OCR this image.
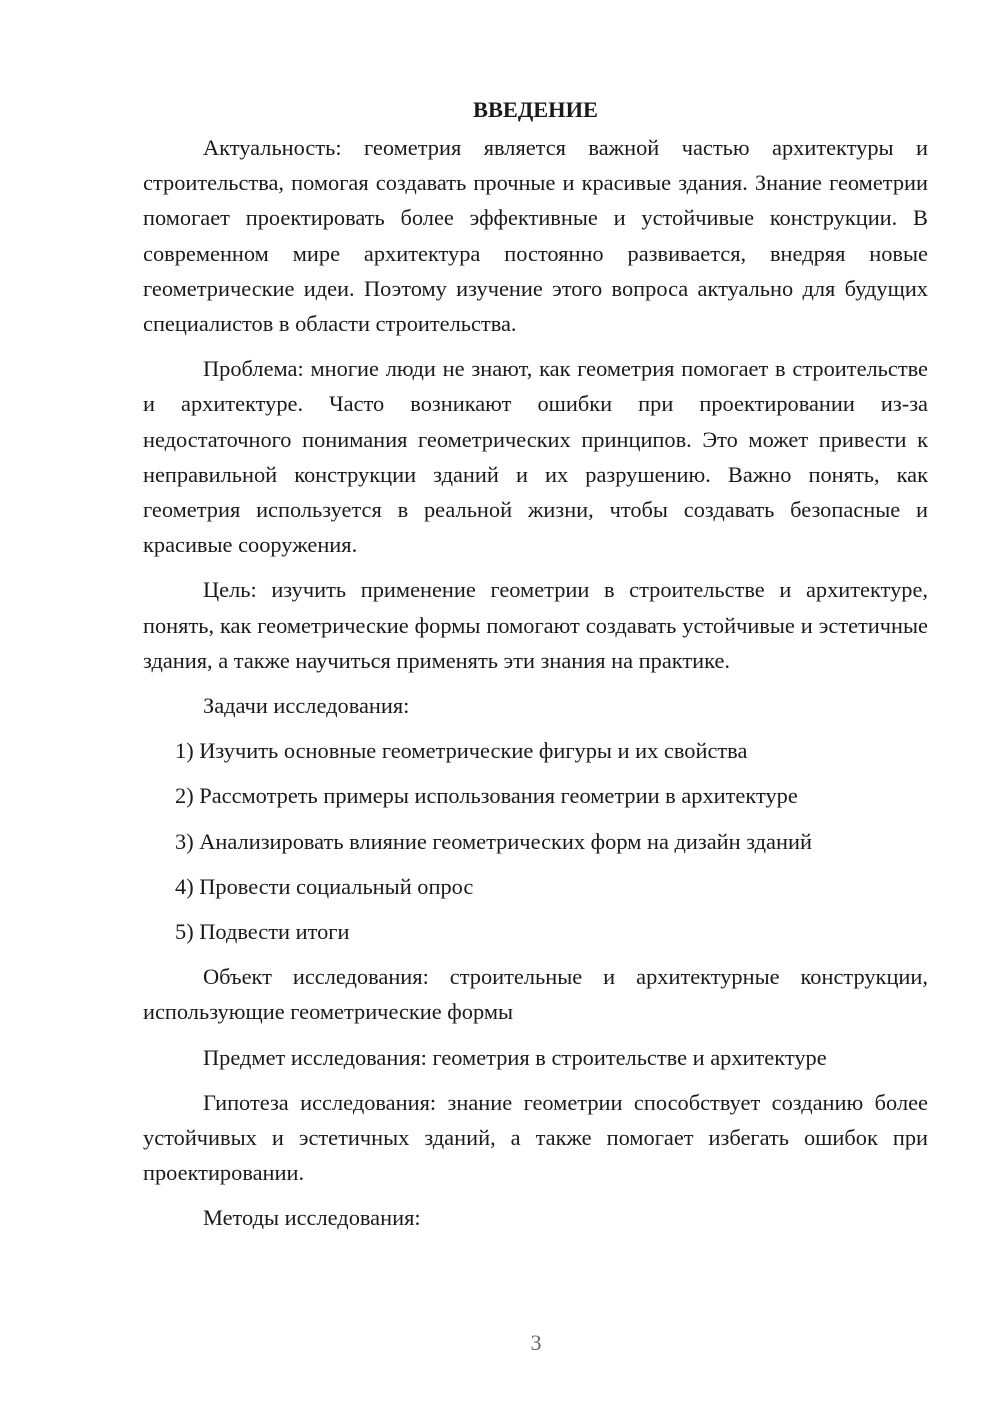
ВВЕДЕНИЕ

Актуальность: геометрия является важной частью архитектуры и строительства, помогая создавать прочные и красивые здания. Знание геометрии помогает проектировать более эффективные и устойчивые конструкции. В современном мире архитектура постоянно развивается, внедряя новые геометрические идеи. Поэтому изучение этого вопроса актуально для будущих специалистов в области строительства.

Проблема: многие люди не знают, как геометрия помогает в строительстве и архитектуре. Часто возникают ошибки при проектировании из-за недостаточного понимания геометрических принципов. Это может привести к неправильной конструкции зданий и их разрушению. Важно понять, как геометрия используется в реальной жизни, чтобы создавать безопасные и красивые сооружения.

Цель: изучить применение геометрии в строительстве и архитектуре, понять, как геометрические формы помогают создавать устойчивые и эстетичные здания, а также научиться применять эти знания на практике.

Задачи исследования:

1) Изучить основные геометрические фигуры и их свойства
2) Рассмотреть примеры использования геометрии в архитектуре
3) Анализировать влияние геометрических форм на дизайн зданий
4) Провести социальный опрос
5) Подвести итоги

Объект исследования: строительные и архитектурные конструкции, использующие геометрические формы

Предмет исследования: геометрия в строительстве и архитектуре

Гипотеза исследования: знание геометрии способствует созданию более устойчивых и эстетичных зданий, а также помогает избегать ошибок при проектировании.

Методы исследования:

3
